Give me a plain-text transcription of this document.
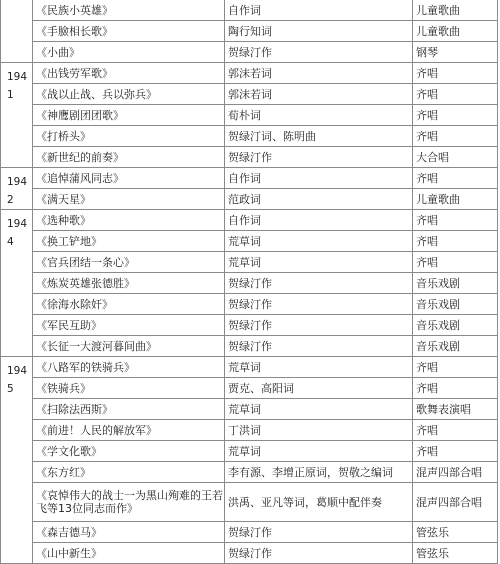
	《民族小英雄》	自作词	儿童歌曲
	《手臉相长歌》	陶行知词	儿童歌曲
	《小曲》	贺绿汀作	钢琴
1941	《出钱劳军歌》	郭沫若词	齐唱
	《战以止战、兵以弥兵》	郭沫若词	齐唱
	《神鹰剧团团歌》	荀朴词	齐唱
	《打桥头》	贺绿汀词、陈明曲	齐唱
	《新世纪的前奏》	贺绿汀作	大合唱
1942	《追悼蒲风同志》	自作词	齐唱
	《满天星》	范政词	儿童歌曲
1944	《选种歌》	自作词	齐唱
	《换工铲地》	荒草词	齐唱
	《官兵团结一条心》	荒草词	齐唱
	《炼炭英雄张德胜》	贺绿汀作	音乐戏剧
	《徐海水除奸》	贺绿汀作	音乐戏剧
	《军民互助》	贺绿汀作	音乐戏剧
	《长征一大渡河暮间曲》	贺绿汀作	音乐戏剧
1945	《八路军的铁骑兵》	荒草词	齐唱
	《铁骑兵》	贾克、高阳词	齐唱
	《扫除法西斯》	荒草词	歌舞表演唱
	《前进！人民的解放军》	丁洪词	齐唱
	《学文化歌》	荒草词	齐唱
	《东方红》	李有源、李增正原词，贺敬之编词	混声四部合唱
	《哀悼伟大的战士一为黑山殉难的王若飞等13位同志而作》	洪禹、亚凡等词，葛顺中配伴奏	混声四部合唱
	《森吉德马》	贺绿汀作	管弦乐
	《山中新生》	贺绿汀作	管弦乐
